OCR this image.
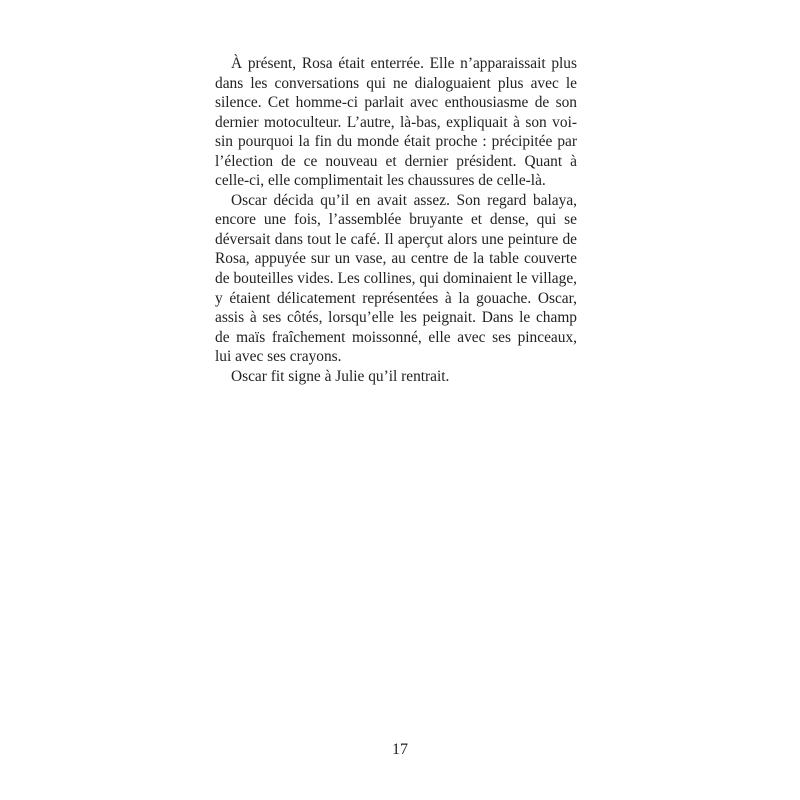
À présent, Rosa était enterrée. Elle n’apparaissait plus dans les conversations qui ne dialoguaient plus avec le silence. Cet homme-ci parlait avec enthousiasme de son dernier motoculteur. L’autre, là-bas, expliquait à son voisin pourquoi la fin du monde était proche : précipitée par l’élection de ce nouveau et dernier président. Quant à celle-ci, elle complimentait les chaussures de celle-là.

Oscar décida qu’il en avait assez. Son regard balaya, encore une fois, l’assemblée bruyante et dense, qui se déversait dans tout le café. Il aperçut alors une peinture de Rosa, appuyée sur un vase, au centre de la table couverte de bouteilles vides. Les collines, qui dominaient le village, y étaient délicatement représentées à la gouache. Oscar, assis à ses côtés, lorsqu’elle les peignait. Dans le champ de maïs fraîchement moissonné, elle avec ses pinceaux, lui avec ses crayons.

Oscar fit signe à Julie qu’il rentrait.

17
